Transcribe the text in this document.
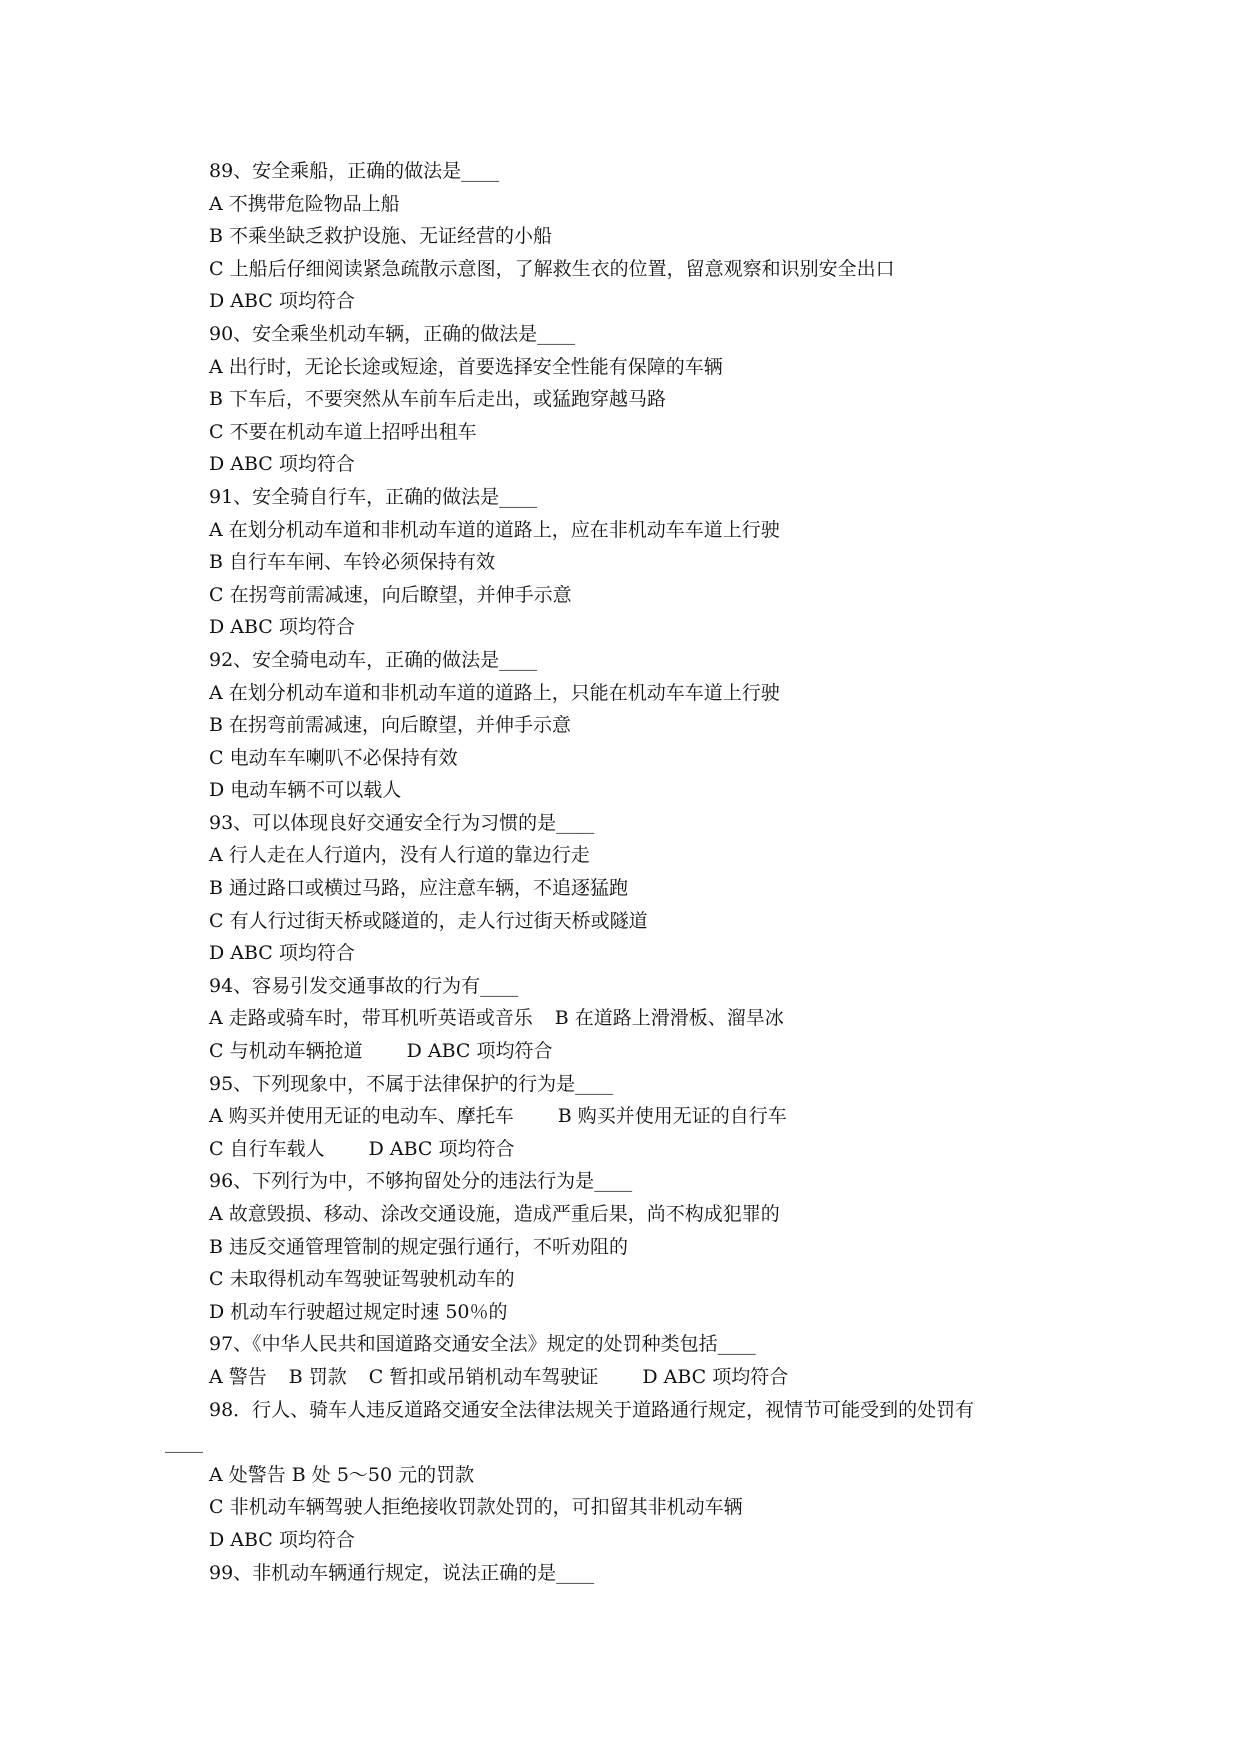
89、安全乘船，正确的做法是____
A 不携带危险物品上船
B 不乘坐缺乏救护设施、无证经营的小船
C 上船后仔细阅读紧急疏散示意图，了解救生衣的位置，留意观察和识别安全出口
D ABC 项均符合
90、安全乘坐机动车辆，正确的做法是____
A 出行时，无论长途或短途，首要选择安全性能有保障的车辆
B 下车后，不要突然从车前车后走出，或猛跑穿越马路
C 不要在机动车道上招呼出租车
D ABC 项均符合
91、安全骑自行车，正确的做法是____
A 在划分机动车道和非机动车道的道路上，应在非机动车车道上行驶
B 自行车车闸、车铃必须保持有效
C 在拐弯前需减速，向后瞭望，并伸手示意
D ABC 项均符合
92、安全骑电动车，正确的做法是____
A 在划分机动车道和非机动车道的道路上，只能在机动车车道上行驶
B 在拐弯前需减速，向后瞭望，并伸手示意
C 电动车车喇叭不必保持有效
D 电动车辆不可以载人
93、可以体现良好交通安全行为习惯的是____
A 行人走在人行道内，没有人行道的靠边行走
B 通过路口或横过马路，应注意车辆，不追逐猛跑
C 有人行过街天桥或隧道的，走人行过街天桥或隧道
D ABC 项均符合
94、容易引发交通事故的行为有____
A 走路或骑车时，带耳机听英语或音乐 B 在道路上滑滑板、溜旱冰
C 与机动车辆抢道 D ABC 项均符合
95、下列现象中，不属于法律保护的行为是____
A 购买并使用无证的电动车、摩托车 B 购买并使用无证的自行车
C 自行车载人 D ABC 项均符合
96、下列行为中，不够拘留处分的违法行为是____
A 故意毁损、移动、涂改交通设施，造成严重后果，尚不构成犯罪的
B 违反交通管理管制的规定强行通行，不听劝阻的
C 未取得机动车驾驶证驾驶机动车的
D 机动车行驶超过规定时速 50％的
97、《中华人民共和国道路交通安全法》规定的处罚种类包括____
A 警告 B 罚款 C 暂扣或吊销机动车驾驶证 D ABC 项均符合
98．行人、骑车人违反道路交通安全法律法规关于道路通行规定，视情节可能受到的处罚有
____
A 处警告 B 处 5～50 元的罚款
C 非机动车辆驾驶人拒绝接收罚款处罚的，可扣留其非机动车辆
D ABC 项均符合
99、非机动车辆通行规定，说法正确的是____
